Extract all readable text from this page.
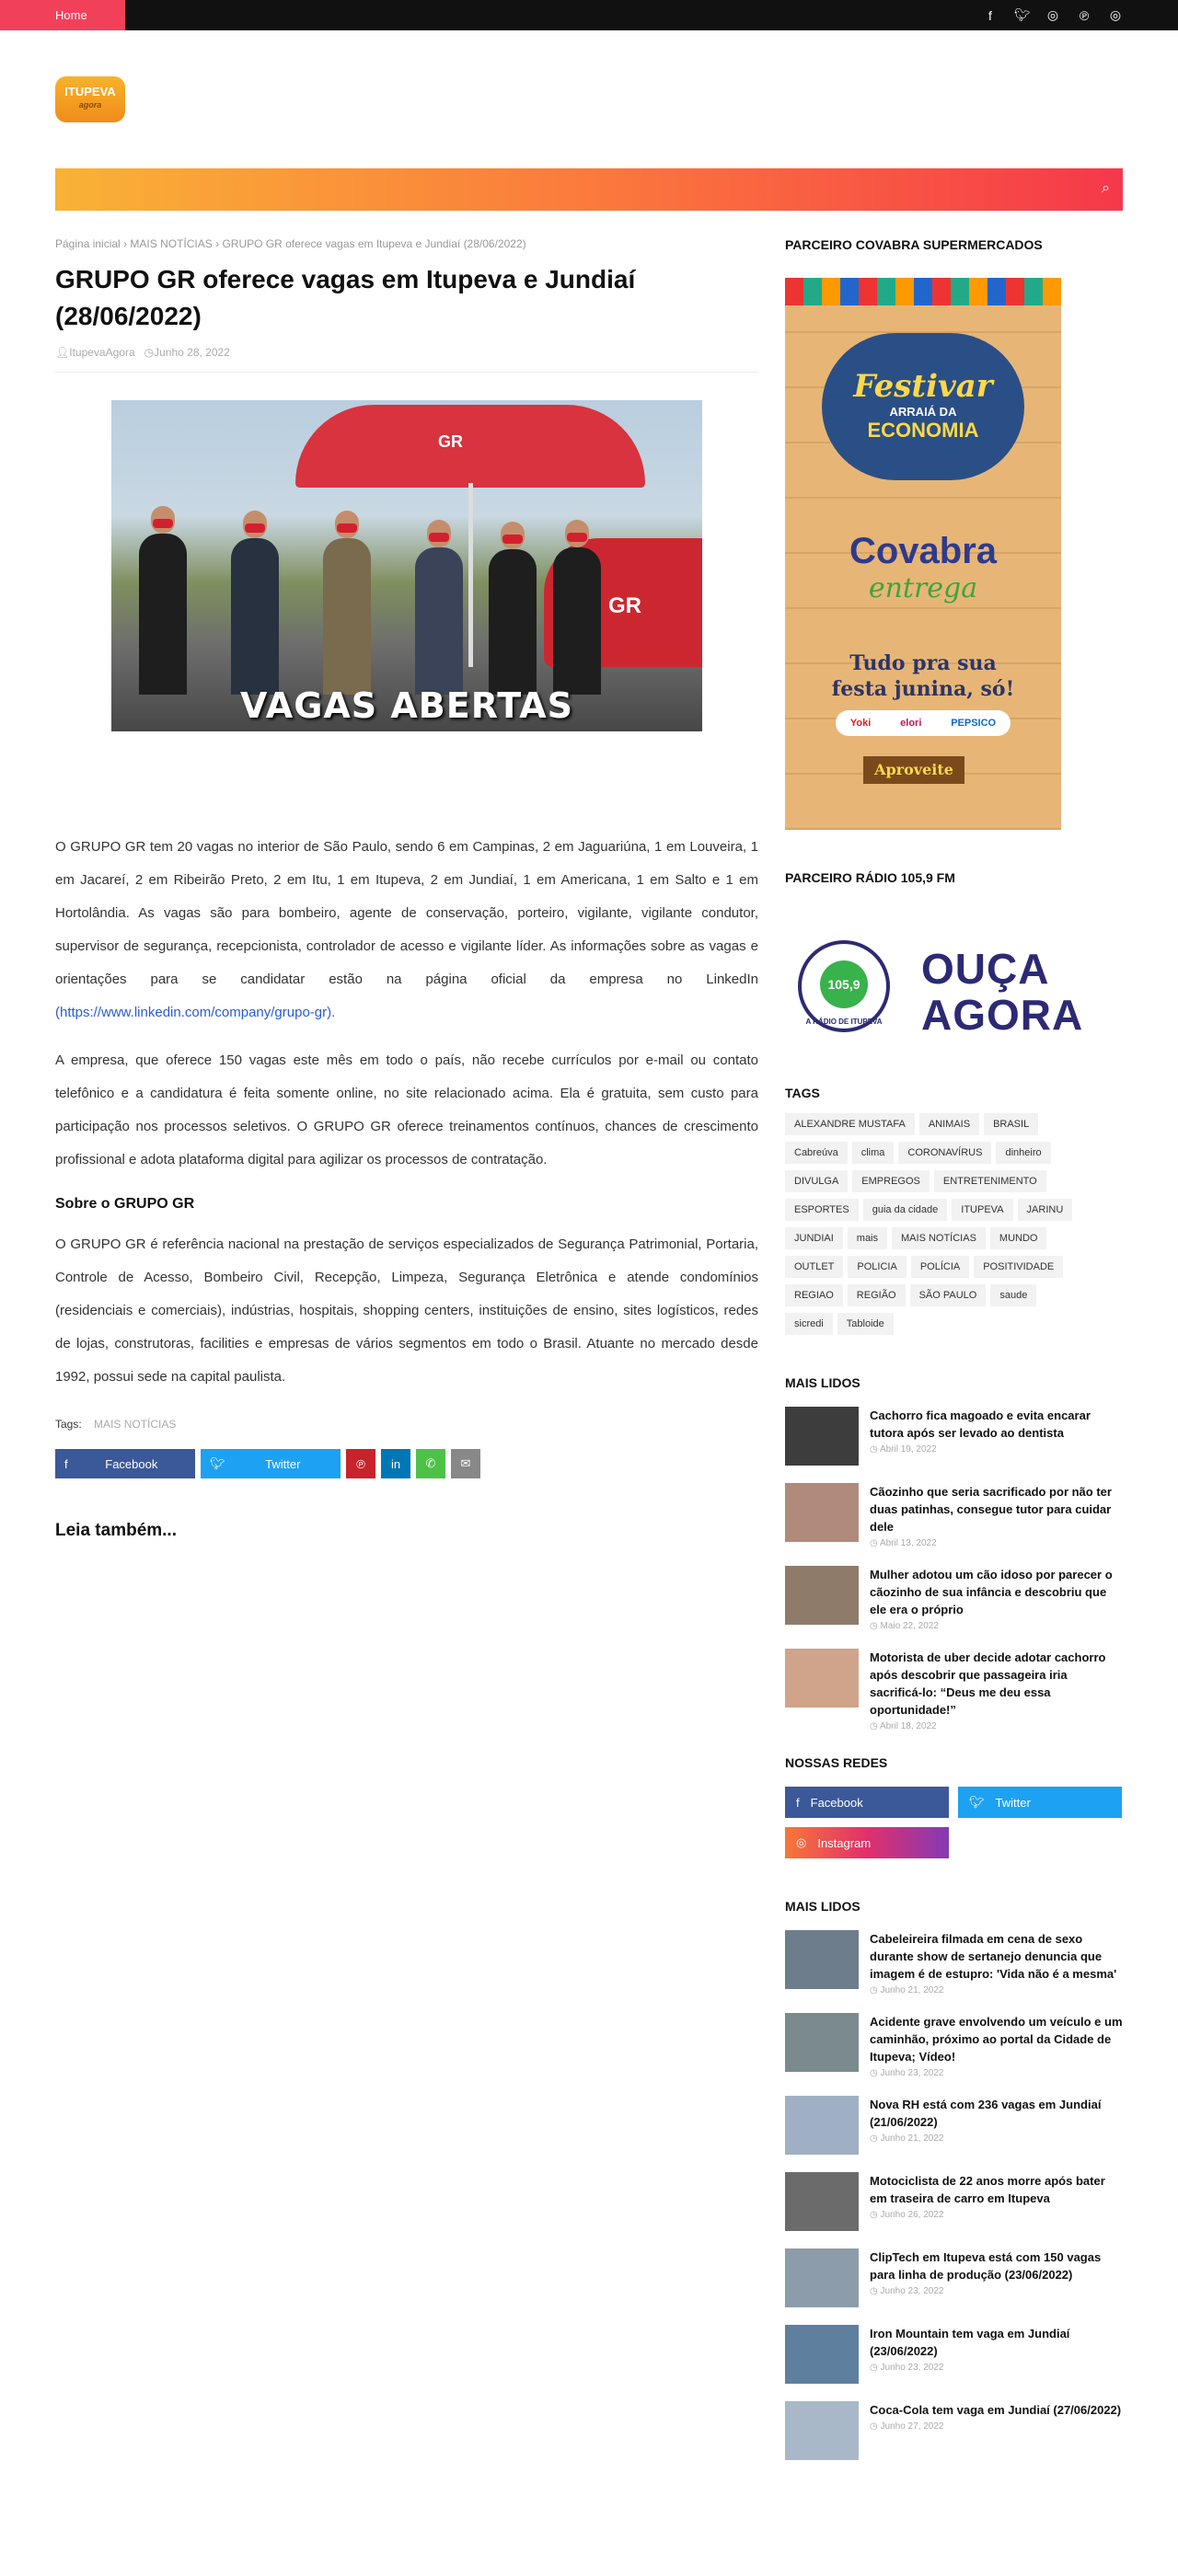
Home	f	🐦︎ ◎ ℗ ◎
ITUPEVA
agora
⌕
Página inicial › MAIS NOTÍCIAS › GRUPO GR oferece vagas em Itupeva e Jundiaí (28/06/2022)
GRUPO GR oferece vagas em Itupeva e Jundiaí (28/06/2022)
👤︎ItupevaAgora ◷Junho 28, 2022
GR
GR
VAGAS ABERTAS

O GRUPO GR tem 20 vagas no interior de São Paulo, sendo 6 em Campinas, 2 em Jaguariúna, 1 em Louveira, 1 em Jacareí, 2 em Ribeirão Preto, 2 em Itu, 1 em Itupeva, 2 em Jundiaí, 1 em Americana, 1 em Salto e 1 em Hortolândia. As vagas são para bombeiro, agente de conservação, porteiro, vigilante, vigilante condutor, supervisor de segurança, recepcionista, controlador de acesso e vigilante líder. As informações sobre as vagas e orientações para se candidatar estão na página oficial da empresa no LinkedIn (https://www.linkedin.com/company/grupo-gr).

A empresa, que oferece 150 vagas este mês em todo o país, não recebe currículos por e-mail ou contato telefônico e a candidatura é feita somente online, no site relacionado acima. Ela é gratuita, sem custo para participação nos processos seletivos. O GRUPO GR oferece treinamentos contínuos, chances de crescimento profissional e adota plataforma digital para agilizar os processos de contratação.

Sobre o GRUPO GR

O GRUPO GR é referência nacional na prestação de serviços especializados de Segurança Patrimonial, Portaria, Controle de Acesso, Bombeiro Civil, Recepção, Limpeza, Segurança Eletrônica e atende condomínios (residenciais e comerciais), indústrias, hospitais, shopping centers, instituições de ensino, sites logísticos, redes de lojas, construtoras, facilities e empresas de vários segmentos em todo o Brasil. Atuante no mercado desde 1992, possui sede na capital paulista.

Tags: MAIS NOTÍCIAS
f	Facebook	🐦︎	Twitter	℗ in ✆ ✉
Leia também...
PARCEIRO COVABRA SUPERMERCADOS
Festivar
ARRAIÁ DA
ECONOMIA
Covabra
entrega
Tudo pra sua
festa junina, só!
Yoki	elori	PEPSICO
Aproveite
PARCEIRO RÁDIO 105,9 FM
105,9
A RÁDIO DE ITUPEVA
OUÇA
AGORA
TAGS
ALEXANDRE MUSTAFA	ANIMAIS	BRASIL
Cabreúva	clima	CORONAVÍRUS	dinheiro
DIVULGA	EMPREGOS	ENTRETENIMENTO
ESPORTES	guia da cidade	ITUPEVA	JARINU
JUNDIAI	mais	MAIS NOTÍCIAS	MUNDO
OUTLET	POLICIA	POLÍCIA	POSITIVIDADE
REGIAO	REGIÃO	SÃO PAULO	saude
sicredi	Tabloide
MAIS LIDOS
Cachorro fica magoado e evita encarar tutora após ser levado ao dentista
◷ Abril 19, 2022
Cãozinho que seria sacrificado por não ter duas patinhas, consegue tutor para cuidar dele
◷ Abril 13, 2022
Mulher adotou um cão idoso por parecer o cãozinho de sua infância e descobriu que ele era o próprio
◷ Maio 22, 2022
Motorista de uber decide adotar cachorro após descobrir que passageira iria sacrificá-lo: “Deus me deu essa oportunidade!”
◷ Abril 18, 2022
NOSSAS REDES
f Facebook	🐦︎ Twitter
◎ Instagram
MAIS LIDOS
Cabeleireira filmada em cena de sexo durante show de sertanejo denuncia que imagem é de estupro: 'Vida não é a mesma'
◷ Junho 21, 2022
Acidente grave envolvendo um veículo e um caminhão, próximo ao portal da Cidade de Itupeva; Vídeo!
◷ Junho 23, 2022
Nova RH está com 236 vagas em Jundiaí (21/06/2022)
◷ Junho 21, 2022
Motociclista de 22 anos morre após bater em traseira de carro em Itupeva
◷ Junho 26, 2022
ClipTech em Itupeva está com 150 vagas para linha de produção (23/06/2022)
◷ Junho 23, 2022
Iron Mountain tem vaga em Jundiaí (23/06/2022)
◷ Junho 23, 2022
Coca-Cola tem vaga em Jundiaí (27/06/2022)
◷ Junho 27, 2022
